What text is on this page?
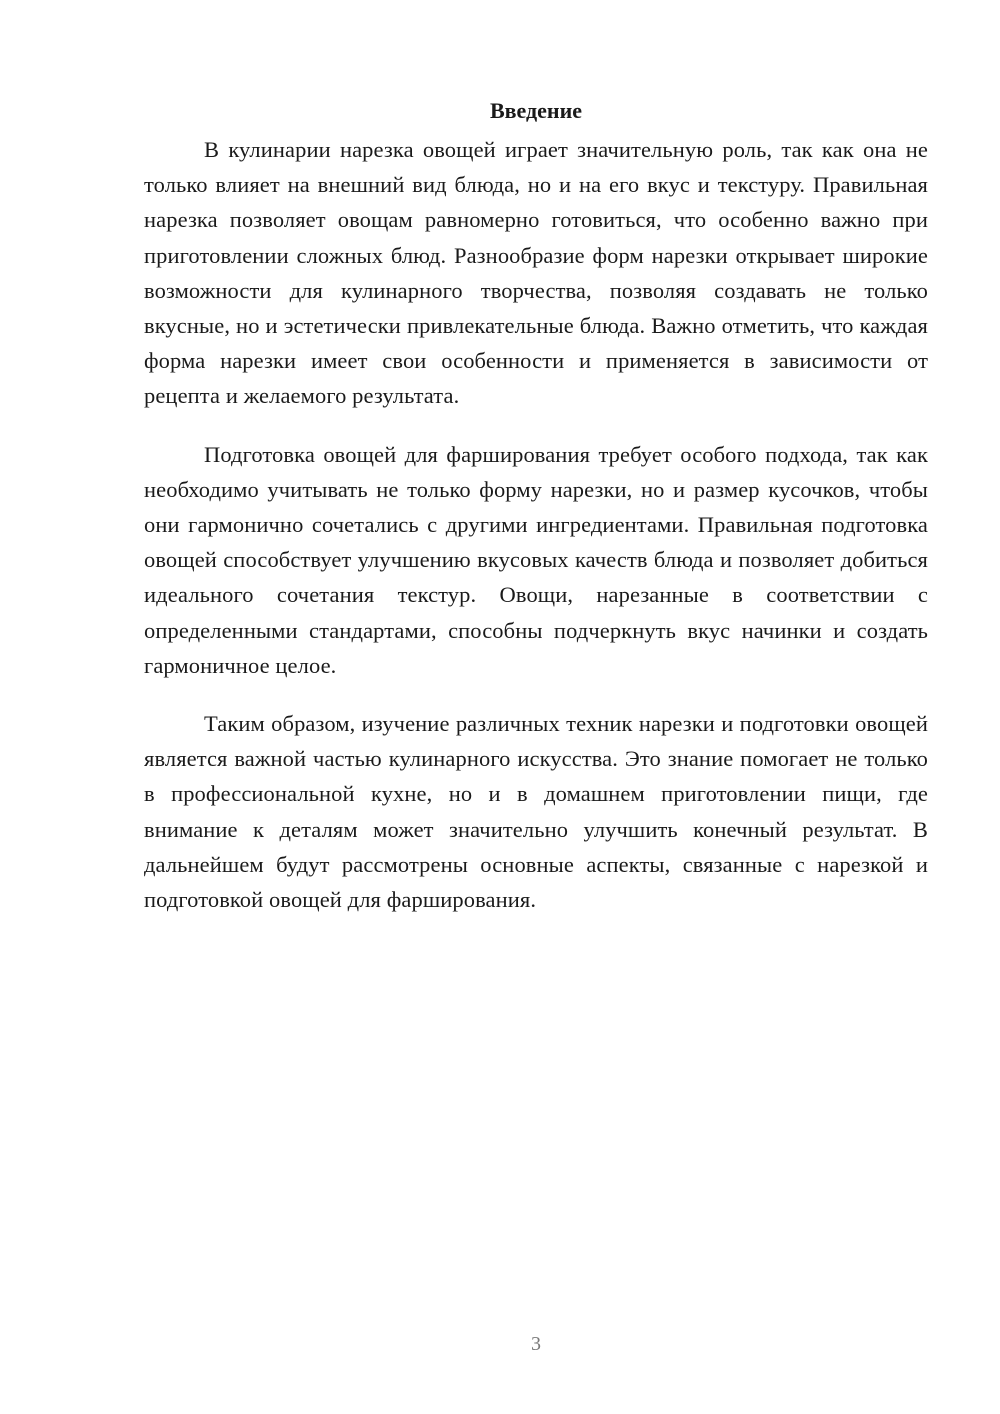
Введение

В кулинарии нарезка овощей играет значительную роль, так как она не только влияет на внешний вид блюда, но и на его вкус и текстуру. Правильная нарезка позволяет овощам равномерно готовиться, что особенно важно при приготовлении сложных блюд. Разнообразие форм нарезки открывает широкие возможности для кулинарного творчества, позволяя создавать не только вкусные, но и эстетически привлекательные блюда. Важно отметить, что каждая форма нарезки имеет свои особенности и применяется в зависимости от рецепта и желаемого результата.

Подготовка овощей для фарширования требует особого подхода, так как необходимо учитывать не только форму нарезки, но и размер кусочков, чтобы они гармонично сочетались с другими ингредиентами. Правильная подготовка овощей способствует улучшению вкусовых качеств блюда и позволяет добиться идеального сочетания текстур. Овощи, нарезанные в соответствии с определенными стандартами, способны подчеркнуть вкус начинки и создать гармоничное целое.

Таким образом, изучение различных техник нарезки и подготовки овощей является важной частью кулинарного искусства. Это знание помогает не только в профессиональной кухне, но и в домашнем приготовлении пищи, где внимание к деталям может значительно улучшить конечный результат. В дальнейшем будут рассмотрены основные аспекты, связанные с нарезкой и подготовкой овощей для фарширования.

3
